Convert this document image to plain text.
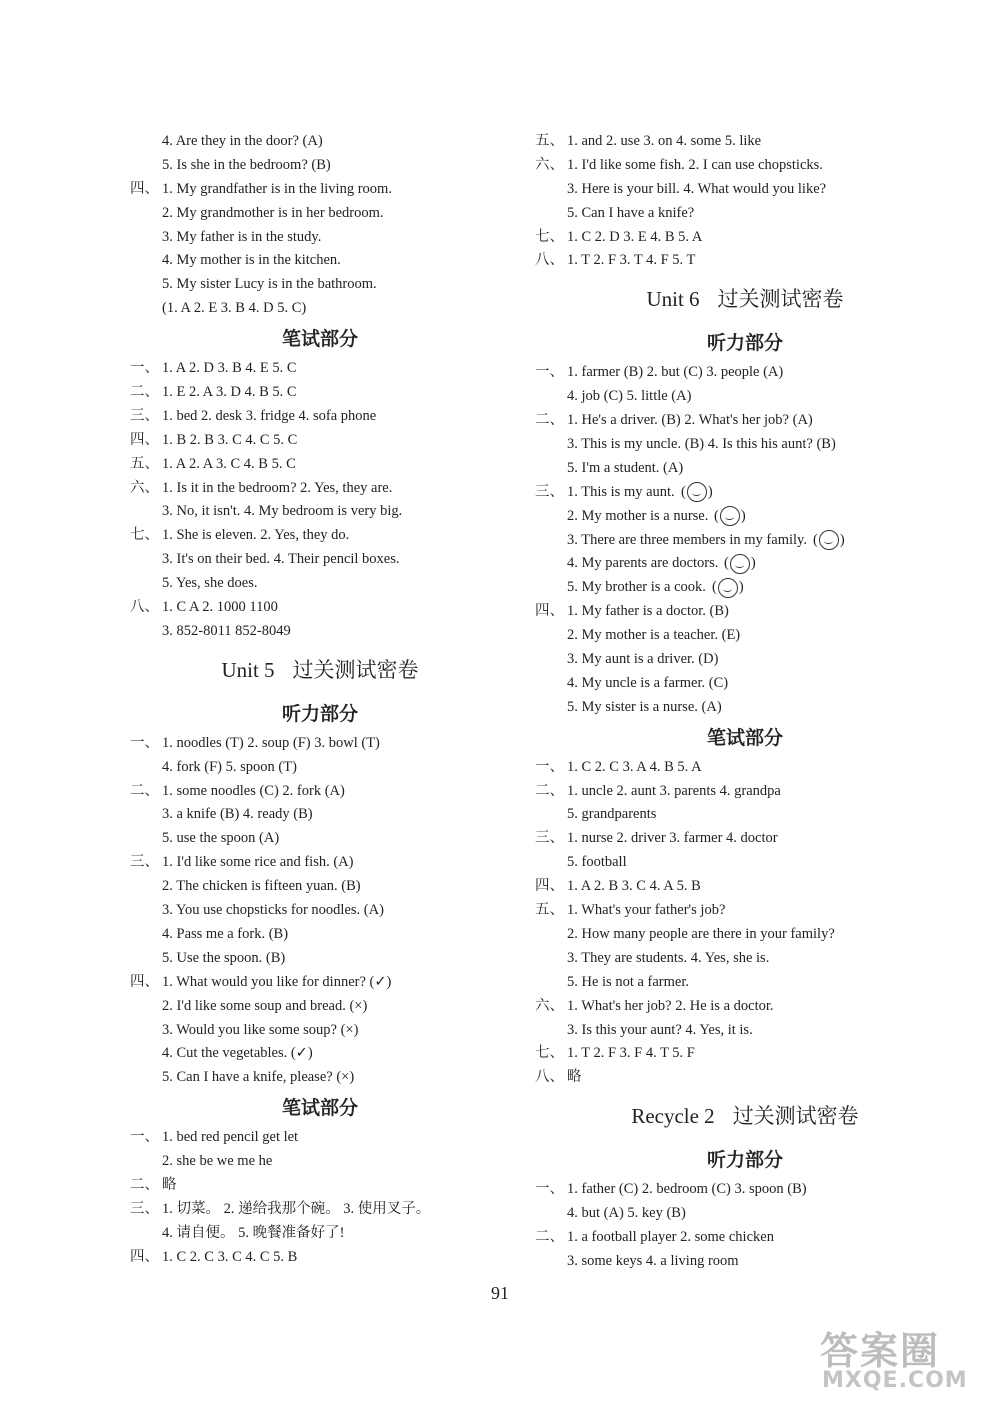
4. Are they in the door? (A)
5. Is she in the bedroom? (B)
四、 1. My grandfather is in the living room.
2. My grandmother is in her bedroom.
3. My father is in the study.
4. My mother is in the kitchen.
5. My sister Lucy is in the bathroom.
(1. A 2. E 3. B 4. D 5. C)
笔试部分
一、 1. A 2. D 3. B 4. E 5. C
二、 1. E 2. A 3. D 4. B 5. C
三、 1. bed 2. desk 3. fridge 4. sofa phone
四、 1. B 2. B 3. C 4. C 5. C
五、 1. A 2. A 3. C 4. B 5. C
六、 1. Is it in the bedroom? 2. Yes, they are.
3. No, it isn't. 4. My bedroom is very big.
七、 1. She is eleven. 2. Yes, they do.
3. It's on their bed. 4. Their pencil boxes.
5. Yes, she does.
八、 1. C A 2. 1000 1100
3. 852-8011 852-8049
Unit 5 过关测试密卷
听力部分
一、 1. noodles (T) 2. soup (F) 3. bowl (T)
4. fork (F) 5. spoon (T)
二、 1. some noodles (C) 2. fork (A)
3. a knife (B) 4. ready (B)
5. use the spoon (A)
三、 1. I'd like some rice and fish. (A)
2. The chicken is fifteen yuan. (B)
3. You use chopsticks for noodles. (A)
4. Pass me a fork. (B)
5. Use the spoon. (B)
四、 1. What would you like for dinner? (✓)
2. I'd like some soup and bread. (×)
3. Would you like some soup? (×)
4. Cut the vegetables. (✓)
5. Can I have a knife, please? (×)
笔试部分
一、 1. bed red pencil get let
2. she be we me he
二、 略
三、 1. 切菜。 2. 递给我那个碗。 3. 使用叉子。
4. 请自便。 5. 晚餐准备好了!
四、 1. C 2. C 3. C 4. C 5. B
五、 1. and 2. use 3. on 4. some 5. like
六、 1. I'd like some fish. 2. I can use chopsticks.
3. Here is your bill. 4. What would you like?
5. Can I have a knife?
七、 1. C 2. D 3. E 4. B 5. A
八、 1. T 2. F 3. T 4. F 5. T
Unit 6 过关测试密卷
听力部分
一、 1. farmer (B) 2. but (C) 3. people (A)
4. job (C) 5. little (A)
二、 1. He's a driver. (B) 2. What's her job? (A)
3. This is my uncle. (B) 4. Is this his aunt? (B)
5. I'm a student. (A)
三、 1. This is my aunt. ( )
2. My mother is a nurse. ( )
3. There are three members in my family. ( )
4. My parents are doctors. ( )
5. My brother is a cook. ( )
四、 1. My father is a doctor. (B)
2. My mother is a teacher. (E)
3. My aunt is a driver. (D)
4. My uncle is a farmer. (C)
5. My sister is a nurse. (A)
笔试部分
一、 1. C 2. C 3. A 4. B 5. A
二、 1. uncle 2. aunt 3. parents 4. grandpa
5. grandparents
三、 1. nurse 2. driver 3. farmer 4. doctor
5. football
四、 1. A 2. B 3. C 4. A 5. B
五、 1. What's your father's job?
2. How many people are there in your family?
3. They are students. 4. Yes, she is.
5. He is not a farmer.
六、 1. What's her job? 2. He is a doctor.
3. Is this your aunt? 4. Yes, it is.
七、 1. T 2. F 3. F 4. T 5. F
八、 略
Recycle 2 过关测试密卷
听力部分
一、 1. father (C) 2. bedroom (C) 3. spoon (B)
4. but (A) 5. key (B)
二、 1. a football player 2. some chicken
3. some keys 4. a living room
91
答案圈
MXQE.COM
